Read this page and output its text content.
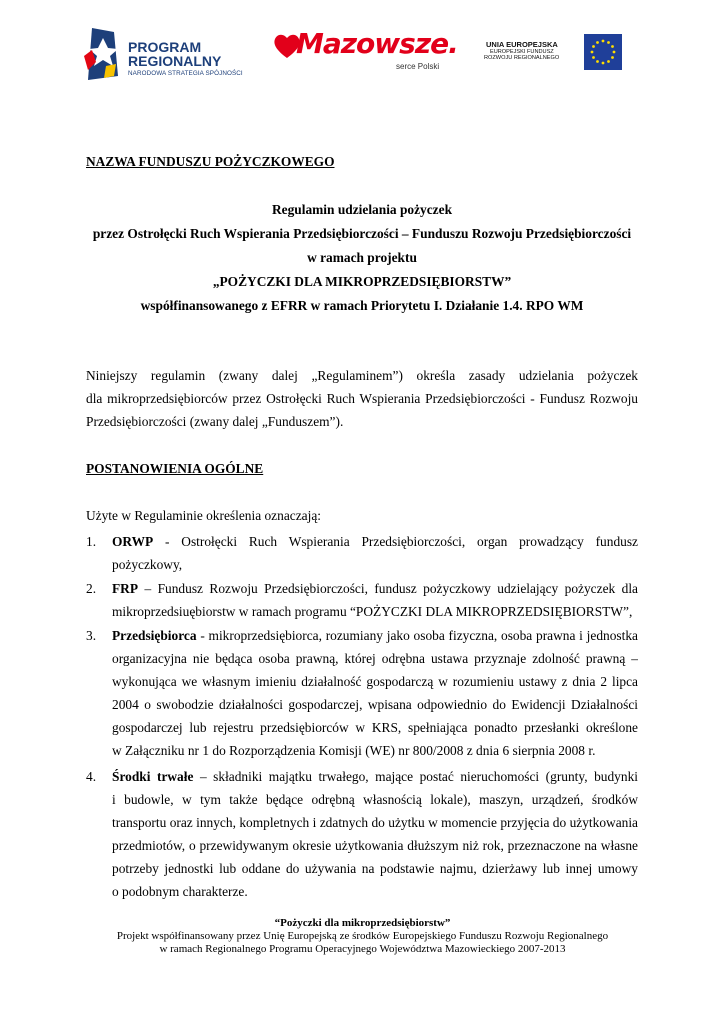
PROGRAM
REGIONALNY
NARODOWA STRATEGIA SPÓJNOŚCI
Mazowsze.
serce Polski
UNIA EUROPEJSKA
EUROPEJSKI FUNDUSZ
ROZWOJU REGIONALNEGO
NAZWA FUNDUSZU POŻYCZKOWEGO
Regulamin udzielania pożyczek
przez Ostrołęcki Ruch Wspierania Przedsiębiorczości – Funduszu Rozwoju Przedsiębiorczości
w ramach projektu
„POŻYCZKI DLA MIKROPRZEDSIĘBIORSTW”
współfinansowanego z EFRR w ramach Priorytetu I. Działanie 1.4. RPO WM
Niniejszy regulamin (zwany dalej „Regulaminem”) określa zasady udzielania pożyczek
dla mikroprzedsiębiorców przez Ostrołęcki Ruch Wspierania Przedsiębiorczości - Fundusz Rozwoju
Przedsiębiorczości (zwany dalej „Funduszem”).
POSTANOWIENIA OGÓLNE
Użyte w Regulaminie określenia oznaczają:
1.	ORWP - Ostrołęcki Ruch Wspierania Przedsiębiorczości, organ prowadzący fundusz
pożyczkowy,
2.	FRP – Fundusz Rozwoju Przedsiębiorczości, fundusz pożyczkowy udzielający pożyczek dla
mikroprzedsiuębiorstw w ramach programu “POŻYCZKI DLA MIKROPRZEDSIĘBIORSTW”,
3.	Przedsiębiorca - mikroprzedsiębiorca, rozumiany jako osoba fizyczna, osoba prawna i jednostka
organizacyjna nie będąca osoba prawną, której odrębna ustawa przyznaje zdolność prawną –
wykonująca we własnym imieniu działalność gospodarczą w rozumieniu ustawy z dnia 2 lipca
2004 o swobodzie działalności gospodarczej, wpisana odpowiednio do Ewidencji Działalności
gospodarczej lub rejestru przedsiębiorców w KRS, spełniająca ponadto przesłanki określone
w Załączniku nr 1 do Rozporządzenia Komisji (WE) nr 800/2008 z dnia 6 sierpnia 2008 r.
4.	Środki trwałe – składniki majątku trwałego, mające postać nieruchomości (grunty, budynki
i budowle, w tym także będące odrębną własnością lokale), maszyn, urządzeń, środków
transportu oraz innych, kompletnych i zdatnych do użytku w momencie przyjęcia do użytkowania
przedmiotów, o przewidywanym okresie użytkowania dłuższym niż rok, przeznaczone na własne
potrzeby jednostki lub oddane do używania na podstawie najmu, dzierżawy lub innej umowy
o podobnym charakterze.
“Pożyczki dla mikroprzedsiębiorstw”
Projekt współfinansowany przez Unię Europejską ze środków Europejskiego Funduszu Rozwoju Regionalnego
w ramach Regionalnego Programu Operacyjnego Województwa Mazowieckiego 2007-2013
